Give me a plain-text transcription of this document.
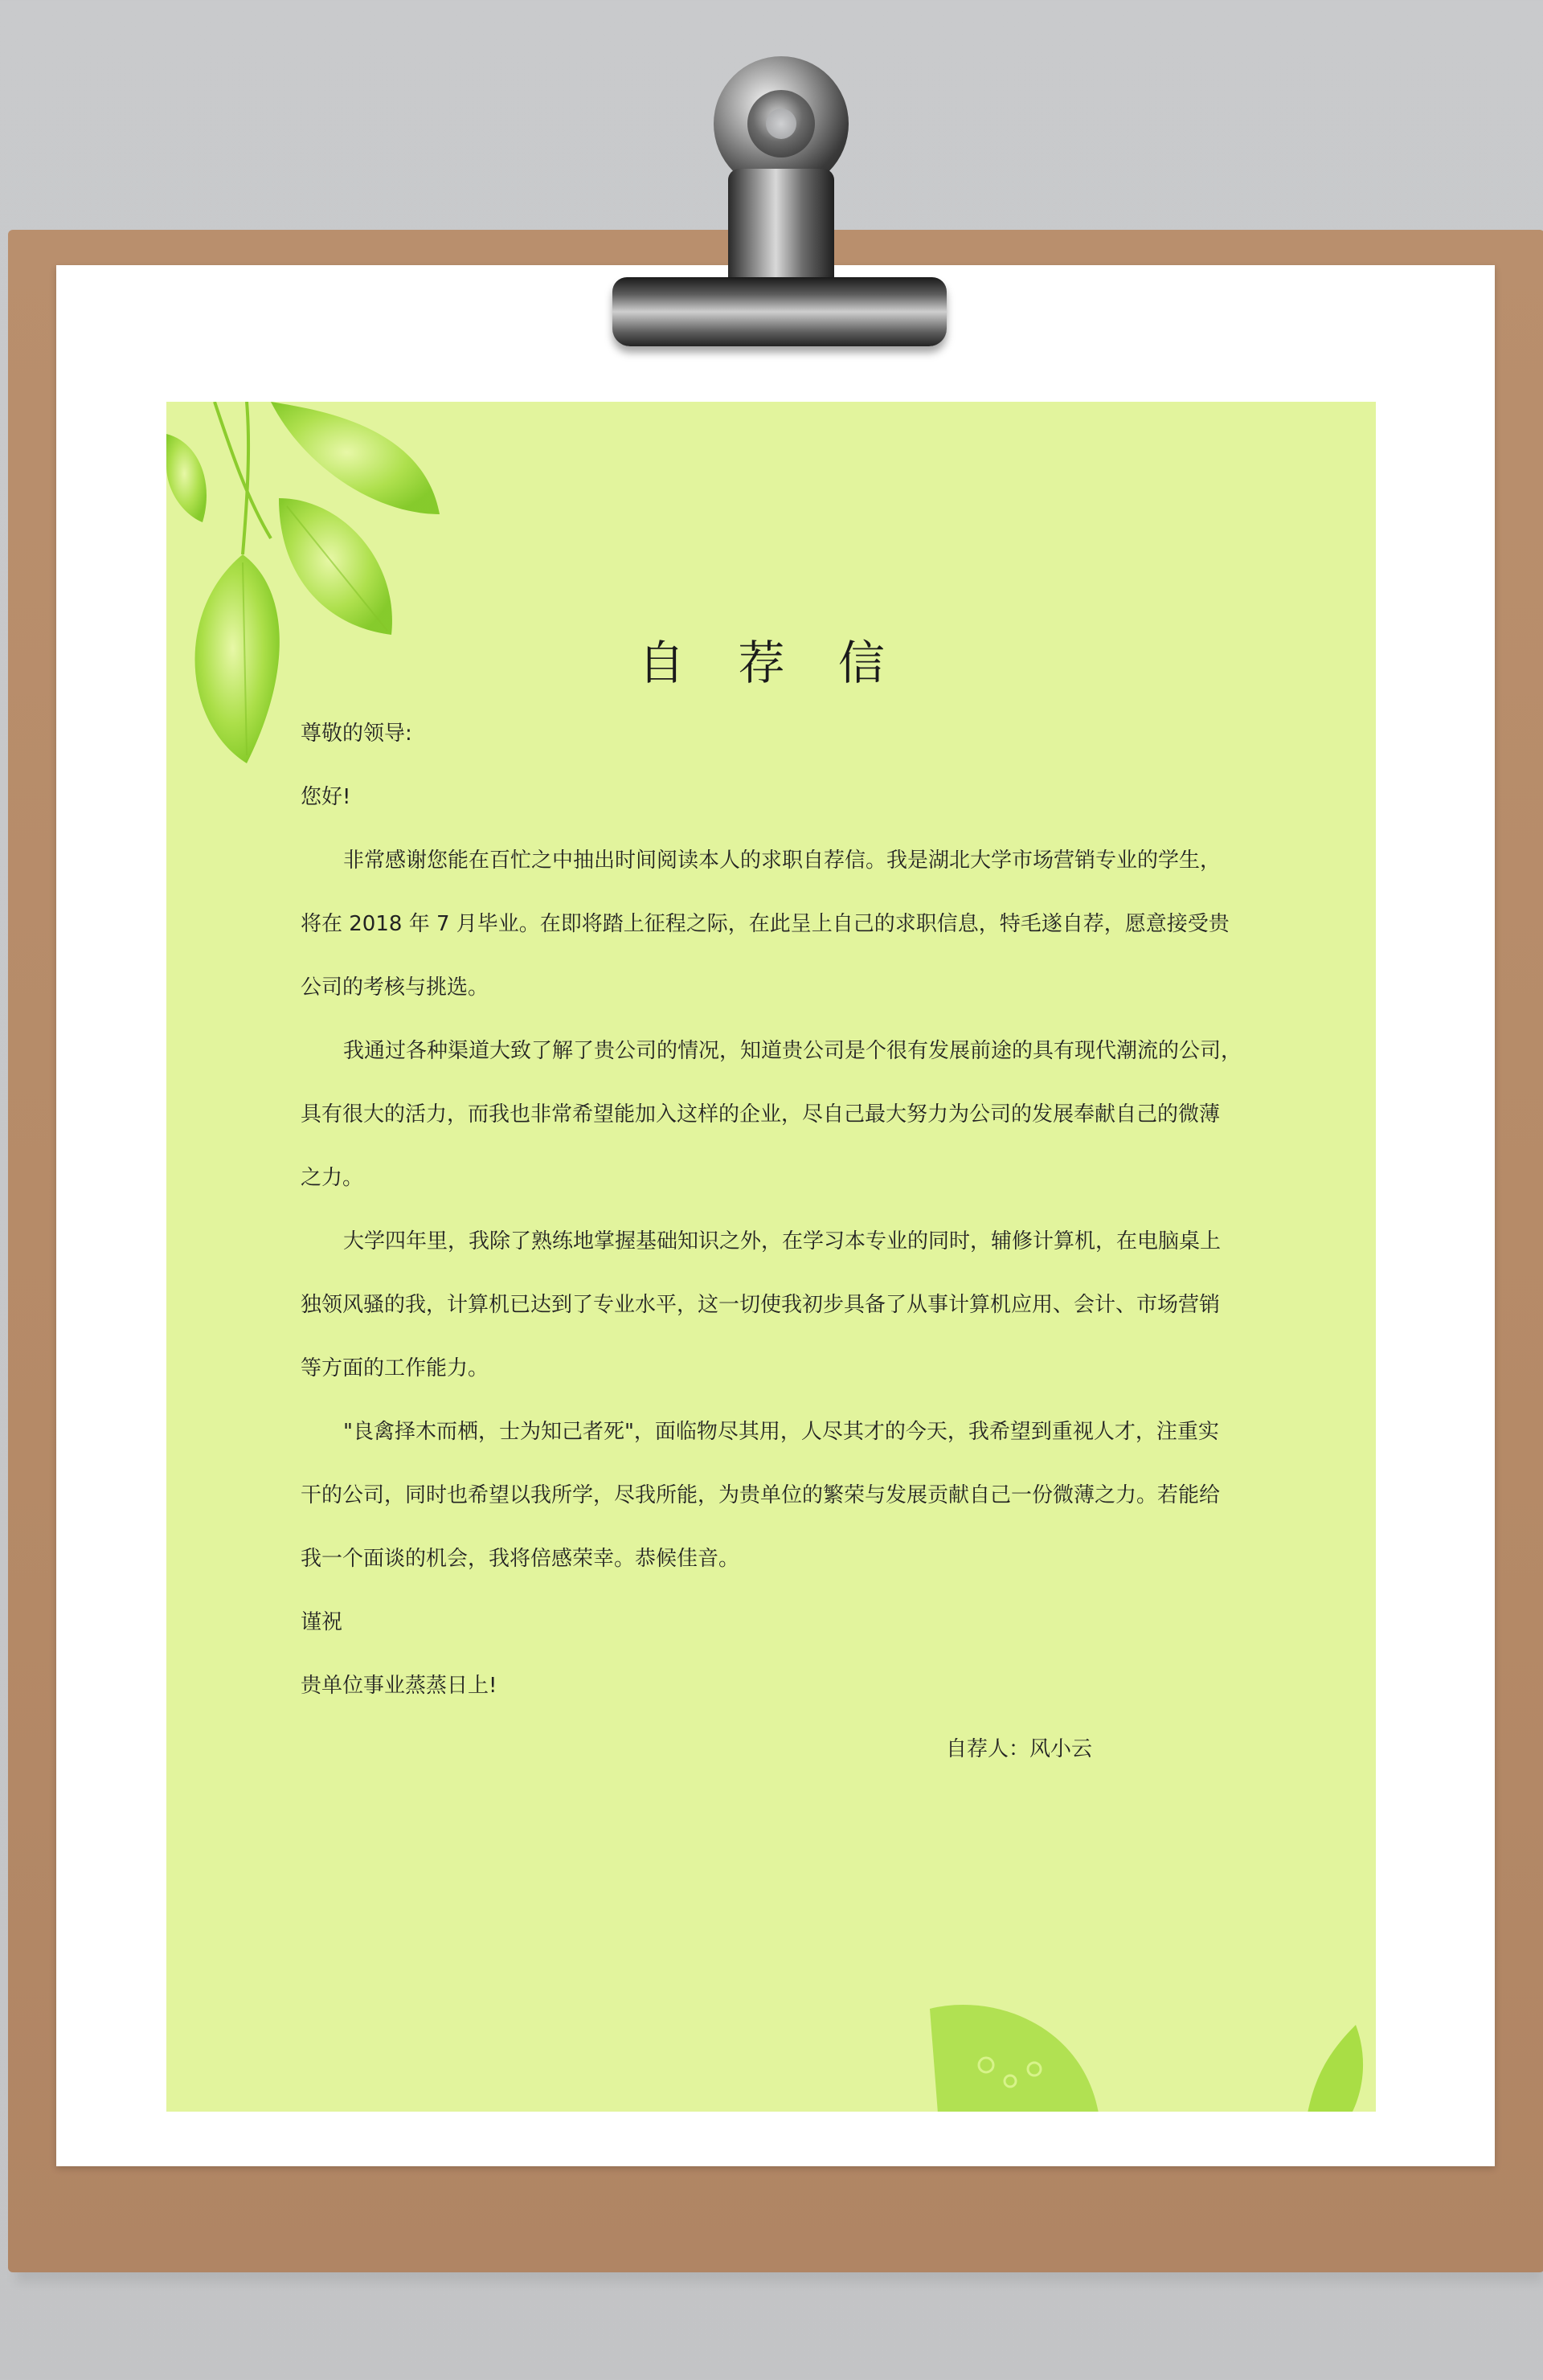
自 荐 信
尊敬的领导:
您好!
非常感谢您能在百忙之中抽出时间阅读本人的求职自荐信。我是湖北大学市场营销专业的学生，
将在 2018 年 7 月毕业。在即将踏上征程之际，在此呈上自己的求职信息，特毛遂自荐，愿意接受贵
公司的考核与挑选。
我通过各种渠道大致了解了贵公司的情况，知道贵公司是个很有发展前途的具有现代潮流的公司，
具有很大的活力，而我也非常希望能加入这样的企业，尽自己最大努力为公司的发展奉献自己的微薄
之力。
大学四年里，我除了熟练地掌握基础知识之外，在学习本专业的同时，辅修计算机，在电脑桌上
独领风骚的我，计算机已达到了专业水平，这一切使我初步具备了从事计算机应用、会计、市场营销
等方面的工作能力。
"良禽择木而栖，士为知己者死"，面临物尽其用，人尽其才的今天，我希望到重视人才，注重实
干的公司，同时也希望以我所学，尽我所能，为贵单位的繁荣与发展贡献自己一份微薄之力。若能给
我一个面谈的机会，我将倍感荣幸。恭候佳音。
谨祝
贵单位事业蒸蒸日上!
自荐人：风小云
